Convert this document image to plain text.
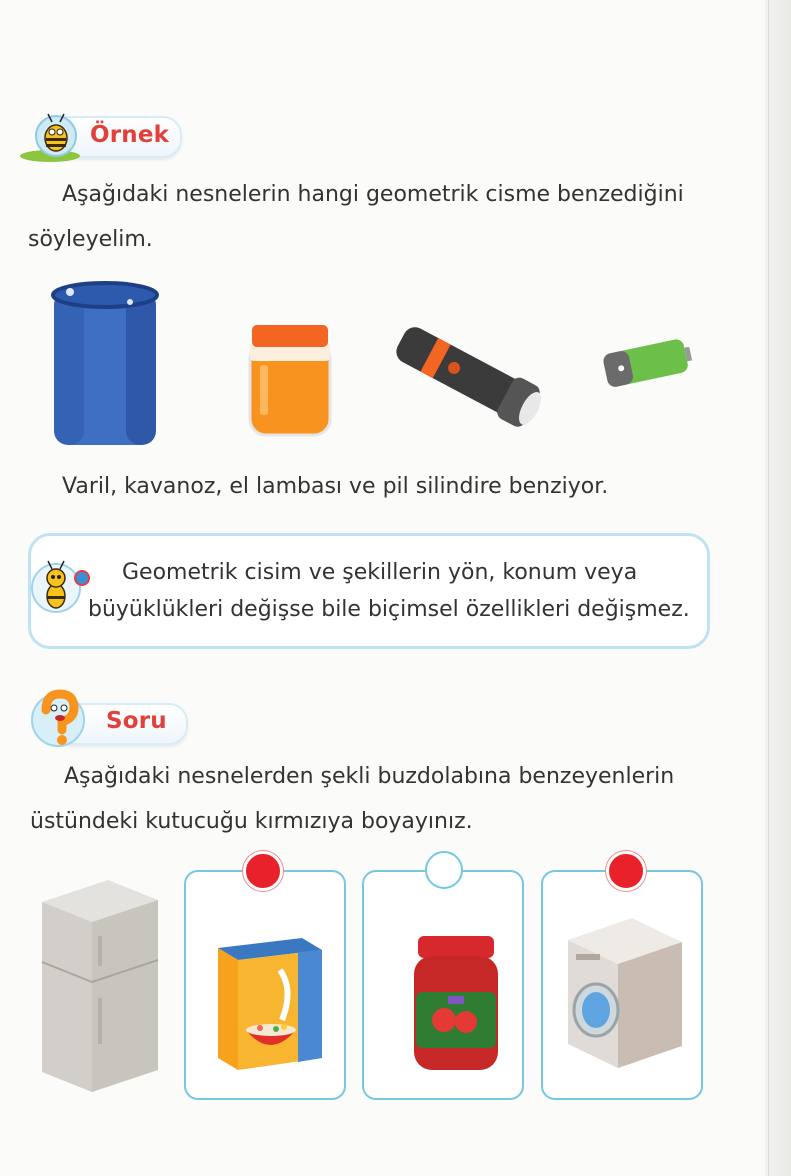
Örnek
Aşağıdaki nesnelerin hangi geometrik cisme benzediğini
söyleyelim.
Varil, kavanoz, el lambası ve pil silindire benziyor.
Geometrik cisim ve şekillerin yön, konum veya
büyüklükleri değişse bile biçimsel özellikleri değişmez.
Soru
Aşağıdaki nesnelerden şekli buzdolabına benzeyenlerin
üstündeki kutucuğu kırmızıya boyayınız.
